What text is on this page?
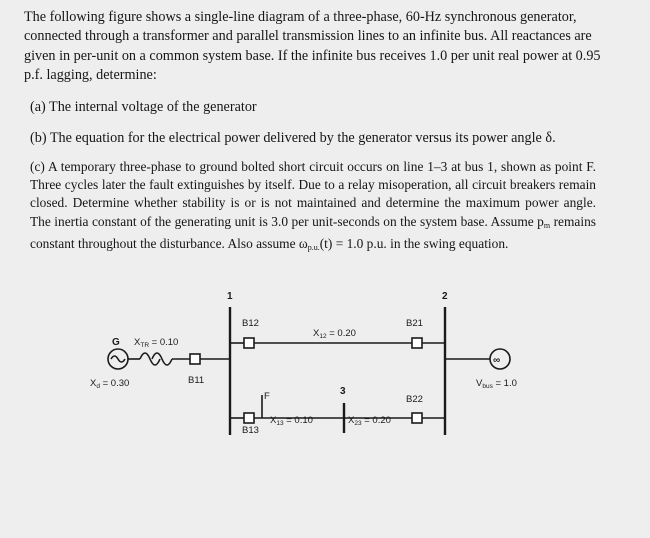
The following figure shows a single-line diagram of a three-phase, 60-Hz synchronous generator, connected through a transformer and parallel transmission lines to an infinite bus. All reactances are given in per-unit on a common system base. If the infinite bus receives 1.0 per unit real power at 0.95 p.f. lagging, determine:

(a) The internal voltage of the generator

(b) The equation for the electrical power delivered by the generator versus its power angle δ.

(c) A temporary three-phase to ground bolted short circuit occurs on line 1–3 at bus 1, shown as point F. Three cycles later the fault extinguishes by itself. Due to a relay misoperation, all circuit breakers remain closed. Determine whether stability is or is not maintained and determine the maximum power angle. The inertia constant of the generating unit is 3.0 per unit-seconds on the system base. Assume $p_m$ remains constant throughout the disturbance. Also assume $\omega_{p.u.}(t) = 1.0$ p.u. in the swing equation.

1	2
G $X_{TR} = 0.10$
$X_d = 0.30$	B11
B12	B21
$X_{12} = 0.20$
B13
B22
F	3
$X_{13} = 0.10$	$X_{23} = 0.20$
∞
$V_{bus} = 1.0$
